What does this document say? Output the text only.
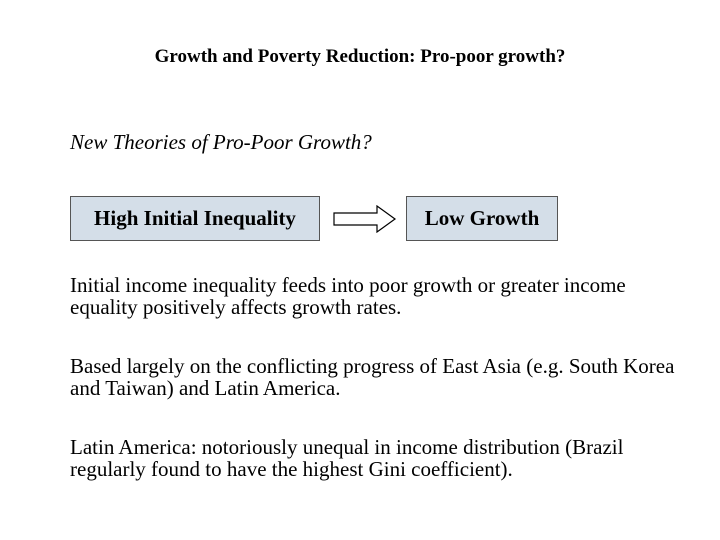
Growth and Poverty Reduction: Pro-poor growth?
New Theories of Pro-Poor Growth?
High Initial Inequality	Low Growth
Initial income inequality feeds into poor growth or greater income equality positively affects growth rates.
Based largely on the conflicting progress of East Asia (e.g. South Korea and Taiwan) and Latin America.
Latin America: notoriously unequal in income distribution (Brazil regularly found to have the highest Gini coefficient).
